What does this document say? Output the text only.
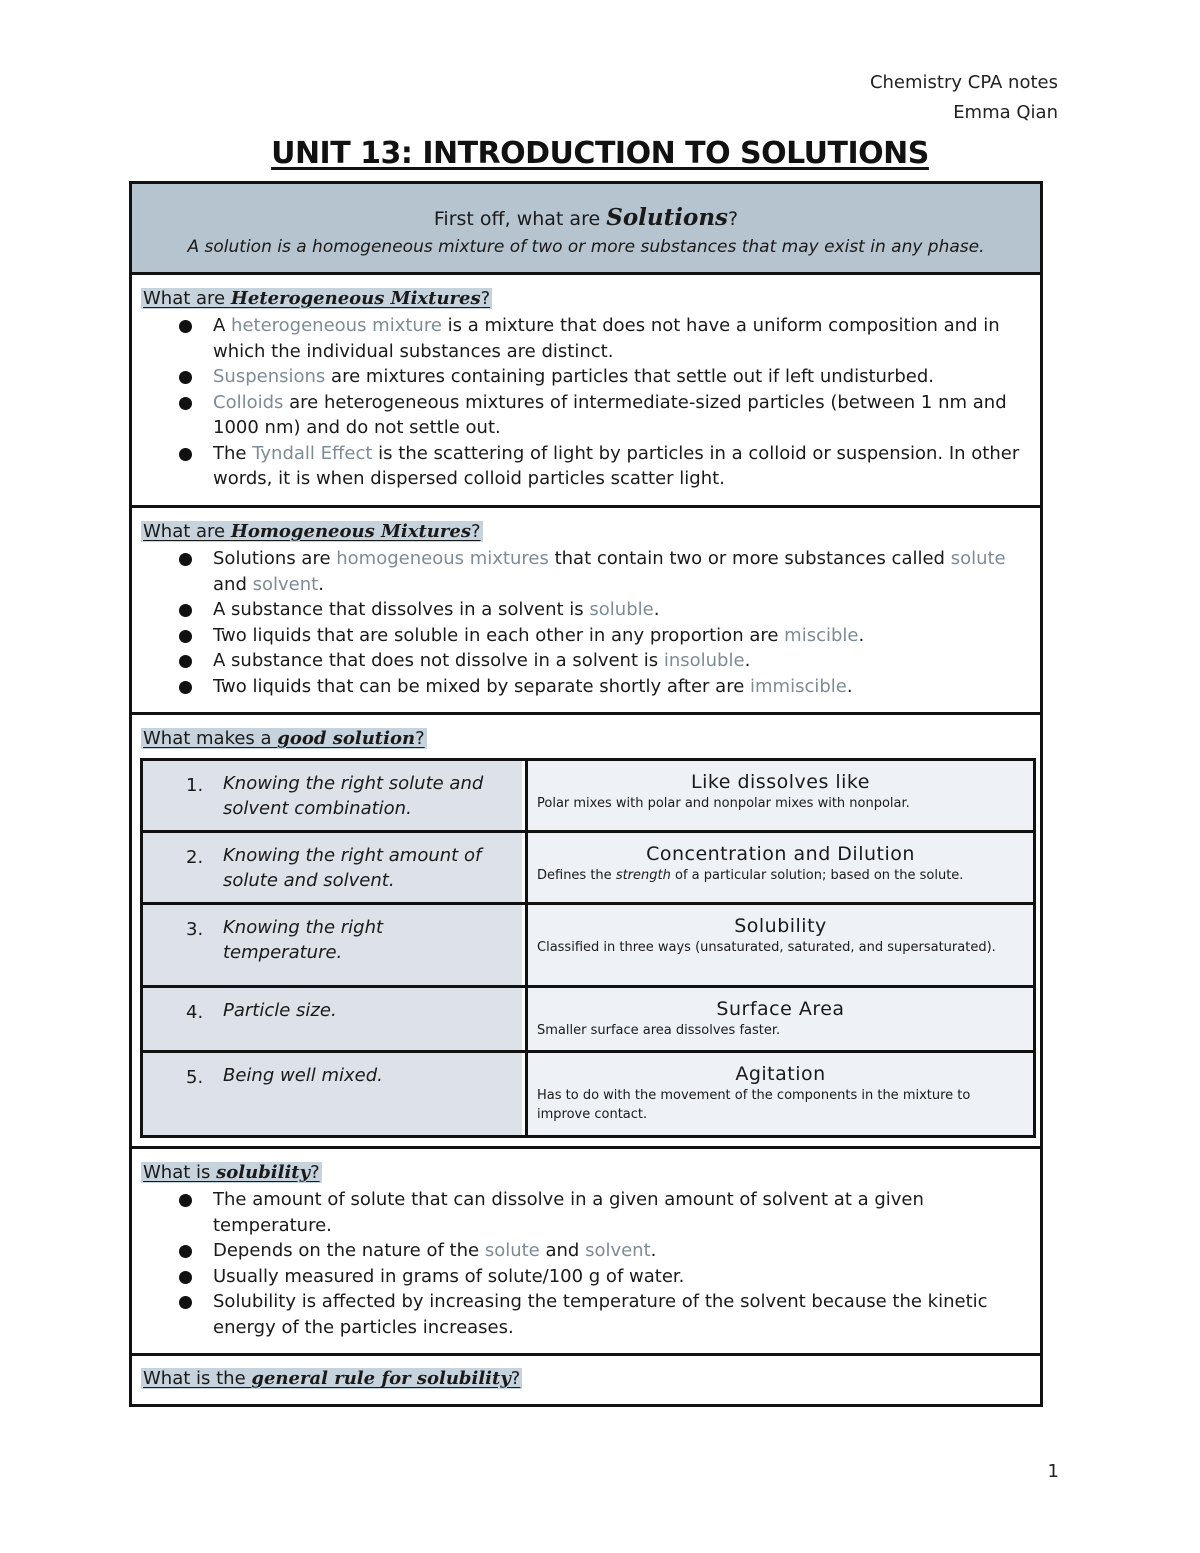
Chemistry CPA notes
Emma Qian
UNIT 13: INTRODUCTION TO SOLUTIONS
First off, what are Solutions?
A solution is a homogeneous mixture of two or more substances that may exist in any phase.
What are Heterogeneous Mixtures?
A heterogeneous mixture is a mixture that does not have a uniform composition and in which the individual substances are distinct.
Suspensions are mixtures containing particles that settle out if left undisturbed.
Colloids are heterogeneous mixtures of intermediate-sized particles (between 1 nm and 1000 nm) and do not settle out.
The Tyndall Effect is the scattering of light by particles in a colloid or suspension. In other words, it is when dispersed colloid particles scatter light.
What are Homogeneous Mixtures?
Solutions are homogeneous mixtures that contain two or more substances called solute and solvent.
A substance that dissolves in a solvent is soluble.
Two liquids that are soluble in each other in any proportion are miscible.
A substance that does not dissolve in a solvent is insoluble.
Two liquids that can be mixed by separate shortly after are immiscible.
What makes a good solution?
1. Knowing the right solute and solvent combination.
Like dissolves like
Polar mixes with polar and nonpolar mixes with nonpolar.
2. Knowing the right amount of solute and solvent.
Concentration and Dilution
Defines the strength of a particular solution; based on the solute.
3. Knowing the right temperature.
Solubility
Classified in three ways (unsaturated, saturated, and supersaturated).
4. Particle size.	Surface Area
Smaller surface area dissolves faster.
5. Being well mixed.	Agitation
Has to do with the movement of the components in the mixture to improve contact.
What is solubility?
The amount of solute that can dissolve in a given amount of solvent at a given temperature.
Depends on the nature of the solute and solvent.
Usually measured in grams of solute/100 g of water.
Solubility is affected by increasing the temperature of the solvent because the kinetic energy of the particles increases.
What is the general rule for solubility?
1
